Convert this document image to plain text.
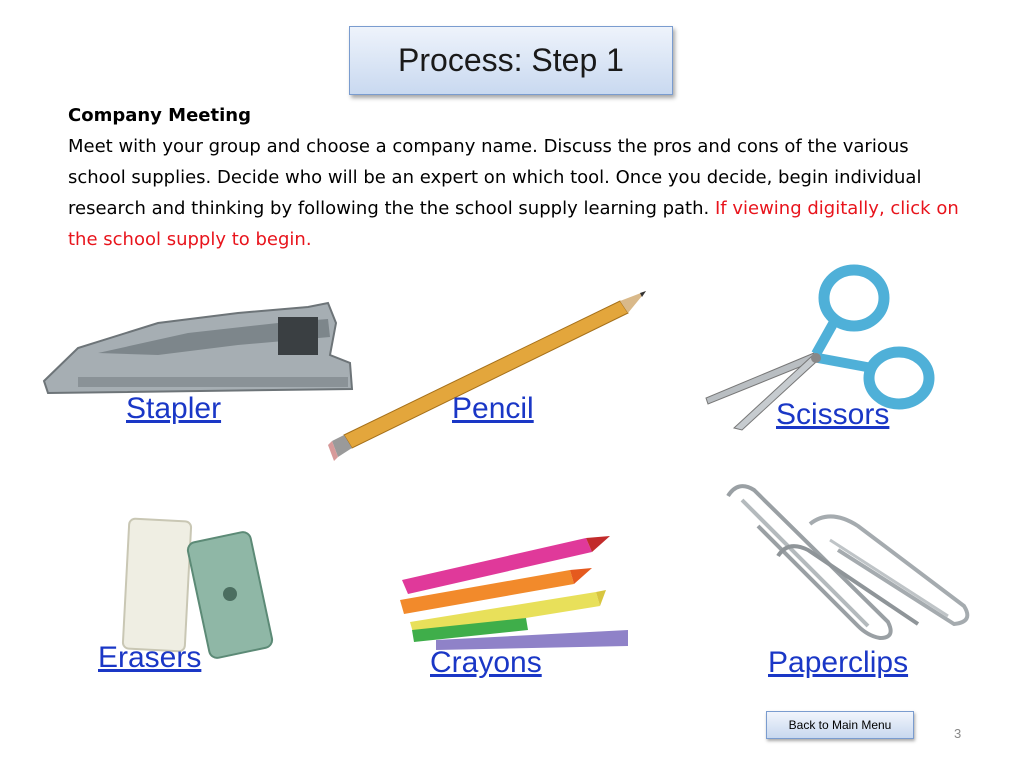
Process: Step 1
Company Meeting
Meet with your group and choose a company name. Discuss the pros and cons of the various school supplies. Decide who will be an expert on which tool. Once you decide, begin individual research and thinking by following the the school supply learning path. If viewing digitally, click on the school supply to begin.
Stapler	Pencil	Scissors
Erasers	Crayons	Paperclips
Back to Main Menu
3
